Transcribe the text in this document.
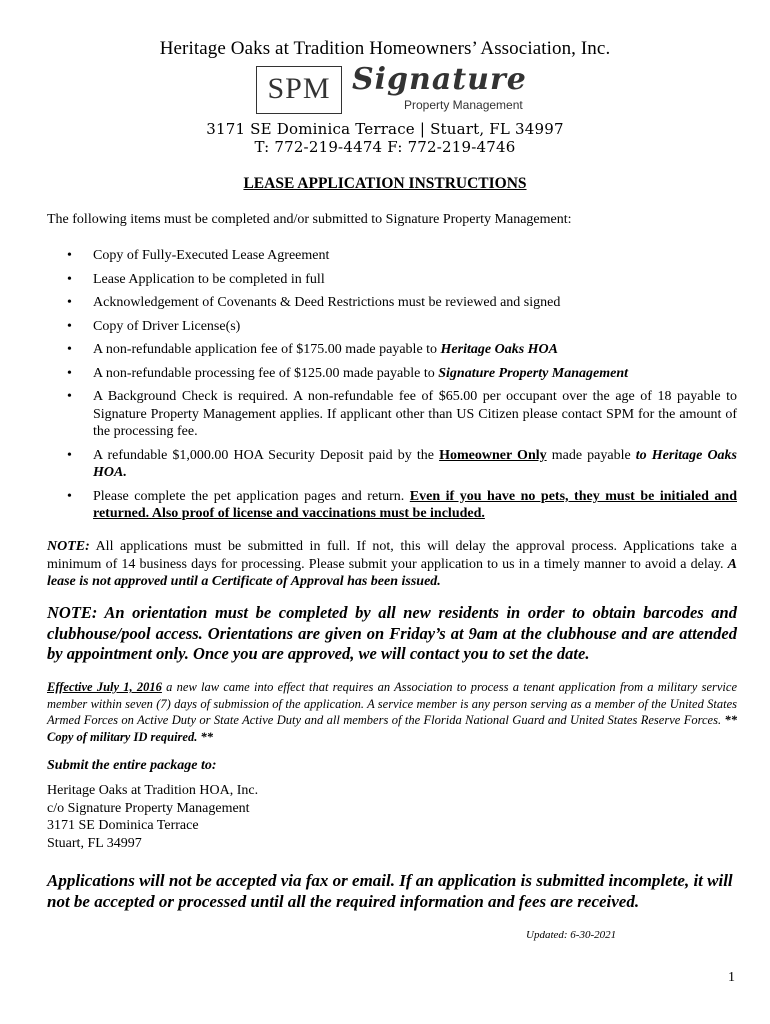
Heritage Oaks at Tradition Homeowners’ Association, Inc.
SPM Signature
Property Management
3171 SE Dominica Terrace | Stuart, FL 34997
T: 772-219-4474 F: 772-219-4746
LEASE APPLICATION INSTRUCTIONS
The following items must be completed and/or submitted to Signature Property Management:
• Copy of Fully-Executed Lease Agreement
• Lease Application to be completed in full
• Acknowledgement of Covenants & Deed Restrictions must be reviewed and signed
• Copy of Driver License(s)
• A non-refundable application fee of $175.00 made payable to Heritage Oaks HOA
• A non-refundable processing fee of $125.00 made payable to Signature Property Management
• A Background Check is required. A non-refundable fee of $65.00 per occupant over the age of 18 payable to Signature Property Management applies. If applicant other than US Citizen please contact SPM for the amount of the processing fee.
• A refundable $1,000.00 HOA Security Deposit paid by the Homeowner Only made payable to Heritage Oaks HOA.
• Please complete the pet application pages and return. Even if you have no pets, they must be initialed and returned. Also proof of license and vaccinations must be included.
NOTE: All applications must be submitted in full. If not, this will delay the approval process. Applications take a minimum of 14 business days for processing. Please submit your application to us in a timely manner to avoid a delay. A lease is not approved until a Certificate of Approval has been issued.
NOTE: An orientation must be completed by all new residents in order to obtain barcodes and clubhouse/pool access. Orientations are given on Friday’s at 9am at the clubhouse and are attended by appointment only. Once you are approved, we will contact you to set the date.
Effective July 1, 2016 a new law came into effect that requires an Association to process a tenant application from a military service member within seven (7) days of submission of the application. A service member is any person serving as a member of the United States Armed Forces on Active Duty or State Active Duty and all members of the Florida National Guard and United States Reserve Forces. ** Copy of military ID required. **
Submit the entire package to:
Heritage Oaks at Tradition HOA, Inc.
c/o Signature Property Management
3171 SE Dominica Terrace
Stuart, FL 34997
Applications will not be accepted via fax or email. If an application is submitted incomplete, it will not be accepted or processed until all the required information and fees are received.
Updated: 6-30-2021
1
